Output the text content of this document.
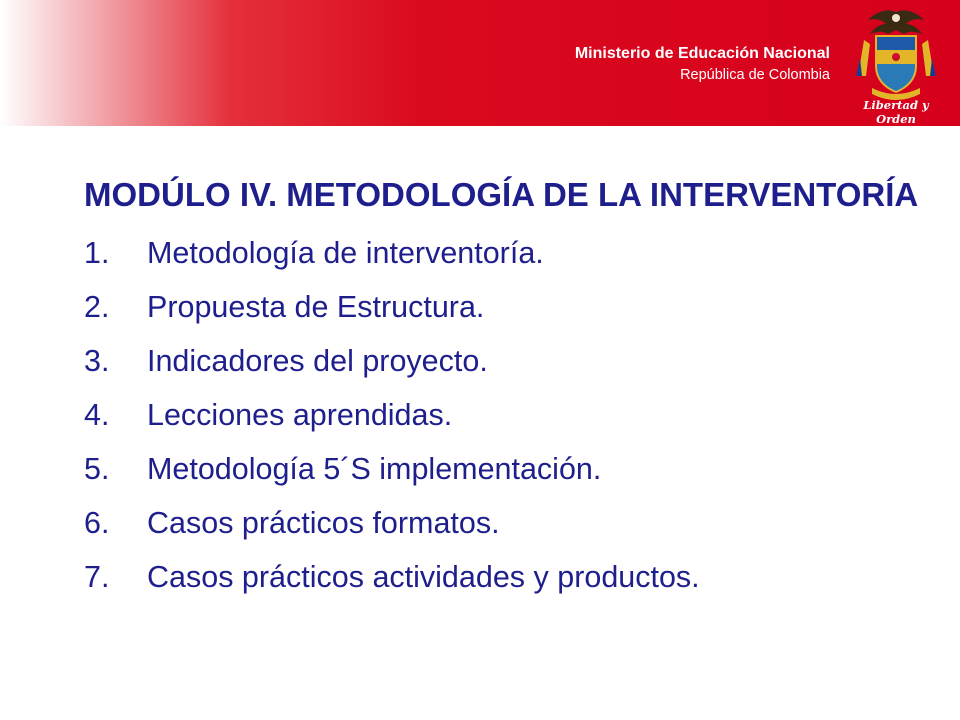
Ministerio de Educación Nacional
República de Colombia
Libertad y Orden
MODÚLO IV. METODOLOGÍA DE LA INTERVENTORÍA
1.	Metodología de interventoría.
2.	Propuesta de Estructura.
3.	Indicadores del proyecto.
4.	Lecciones aprendidas.
5.	Metodología 5´S implementación.
6.	Casos prácticos formatos.
7.	Casos prácticos actividades y productos.
